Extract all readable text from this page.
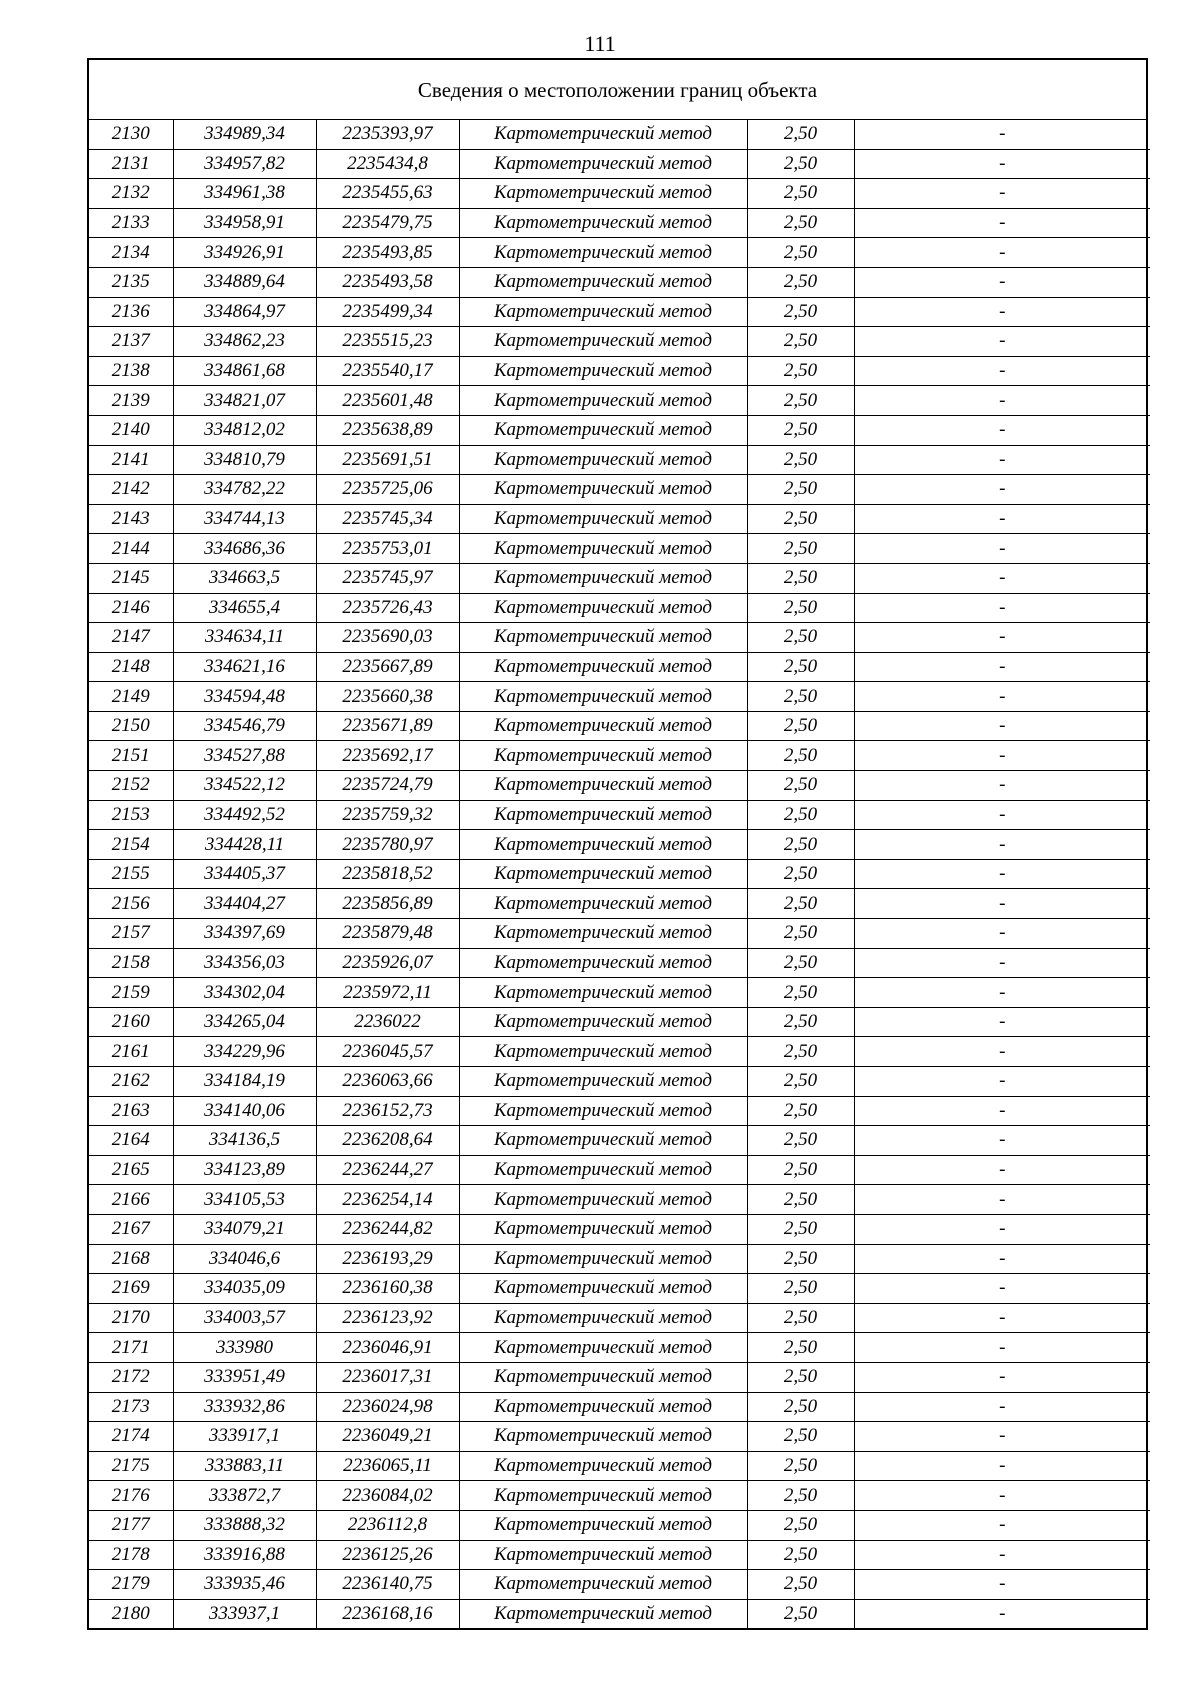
111
Сведения о местоположении границ объекта
2130	334989,34	2235393,97	Картометрический метод	2,50	-
2131	334957,82	2235434,8	Картометрический метод	2,50	-
2132	334961,38	2235455,63	Картометрический метод	2,50	-
2133	334958,91	2235479,75	Картометрический метод	2,50	-
2134	334926,91	2235493,85	Картометрический метод	2,50	-
2135	334889,64	2235493,58	Картометрический метод	2,50	-
2136	334864,97	2235499,34	Картометрический метод	2,50	-
2137	334862,23	2235515,23	Картометрический метод	2,50	-
2138	334861,68	2235540,17	Картометрический метод	2,50	-
2139	334821,07	2235601,48	Картометрический метод	2,50	-
2140	334812,02	2235638,89	Картометрический метод	2,50	-
2141	334810,79	2235691,51	Картометрический метод	2,50	-
2142	334782,22	2235725,06	Картометрический метод	2,50	-
2143	334744,13	2235745,34	Картометрический метод	2,50	-
2144	334686,36	2235753,01	Картометрический метод	2,50	-
2145	334663,5	2235745,97	Картометрический метод	2,50	-
2146	334655,4	2235726,43	Картометрический метод	2,50	-
2147	334634,11	2235690,03	Картометрический метод	2,50	-
2148	334621,16	2235667,89	Картометрический метод	2,50	-
2149	334594,48	2235660,38	Картометрический метод	2,50	-
2150	334546,79	2235671,89	Картометрический метод	2,50	-
2151	334527,88	2235692,17	Картометрический метод	2,50	-
2152	334522,12	2235724,79	Картометрический метод	2,50	-
2153	334492,52	2235759,32	Картометрический метод	2,50	-
2154	334428,11	2235780,97	Картометрический метод	2,50	-
2155	334405,37	2235818,52	Картометрический метод	2,50	-
2156	334404,27	2235856,89	Картометрический метод	2,50	-
2157	334397,69	2235879,48	Картометрический метод	2,50	-
2158	334356,03	2235926,07	Картометрический метод	2,50	-
2159	334302,04	2235972,11	Картометрический метод	2,50	-
2160	334265,04	2236022	Картометрический метод	2,50	-
2161	334229,96	2236045,57	Картометрический метод	2,50	-
2162	334184,19	2236063,66	Картометрический метод	2,50	-
2163	334140,06	2236152,73	Картометрический метод	2,50	-
2164	334136,5	2236208,64	Картометрический метод	2,50	-
2165	334123,89	2236244,27	Картометрический метод	2,50	-
2166	334105,53	2236254,14	Картометрический метод	2,50	-
2167	334079,21	2236244,82	Картометрический метод	2,50	-
2168	334046,6	2236193,29	Картометрический метод	2,50	-
2169	334035,09	2236160,38	Картометрический метод	2,50	-
2170	334003,57	2236123,92	Картометрический метод	2,50	-
2171	333980	2236046,91	Картометрический метод	2,50	-
2172	333951,49	2236017,31	Картометрический метод	2,50	-
2173	333932,86	2236024,98	Картометрический метод	2,50	-
2174	333917,1	2236049,21	Картометрический метод	2,50	-
2175	333883,11	2236065,11	Картометрический метод	2,50	-
2176	333872,7	2236084,02	Картометрический метод	2,50	-
2177	333888,32	2236112,8	Картометрический метод	2,50	-
2178	333916,88	2236125,26	Картометрический метод	2,50	-
2179	333935,46	2236140,75	Картометрический метод	2,50	-
2180	333937,1	2236168,16	Картометрический метод	2,50	-
